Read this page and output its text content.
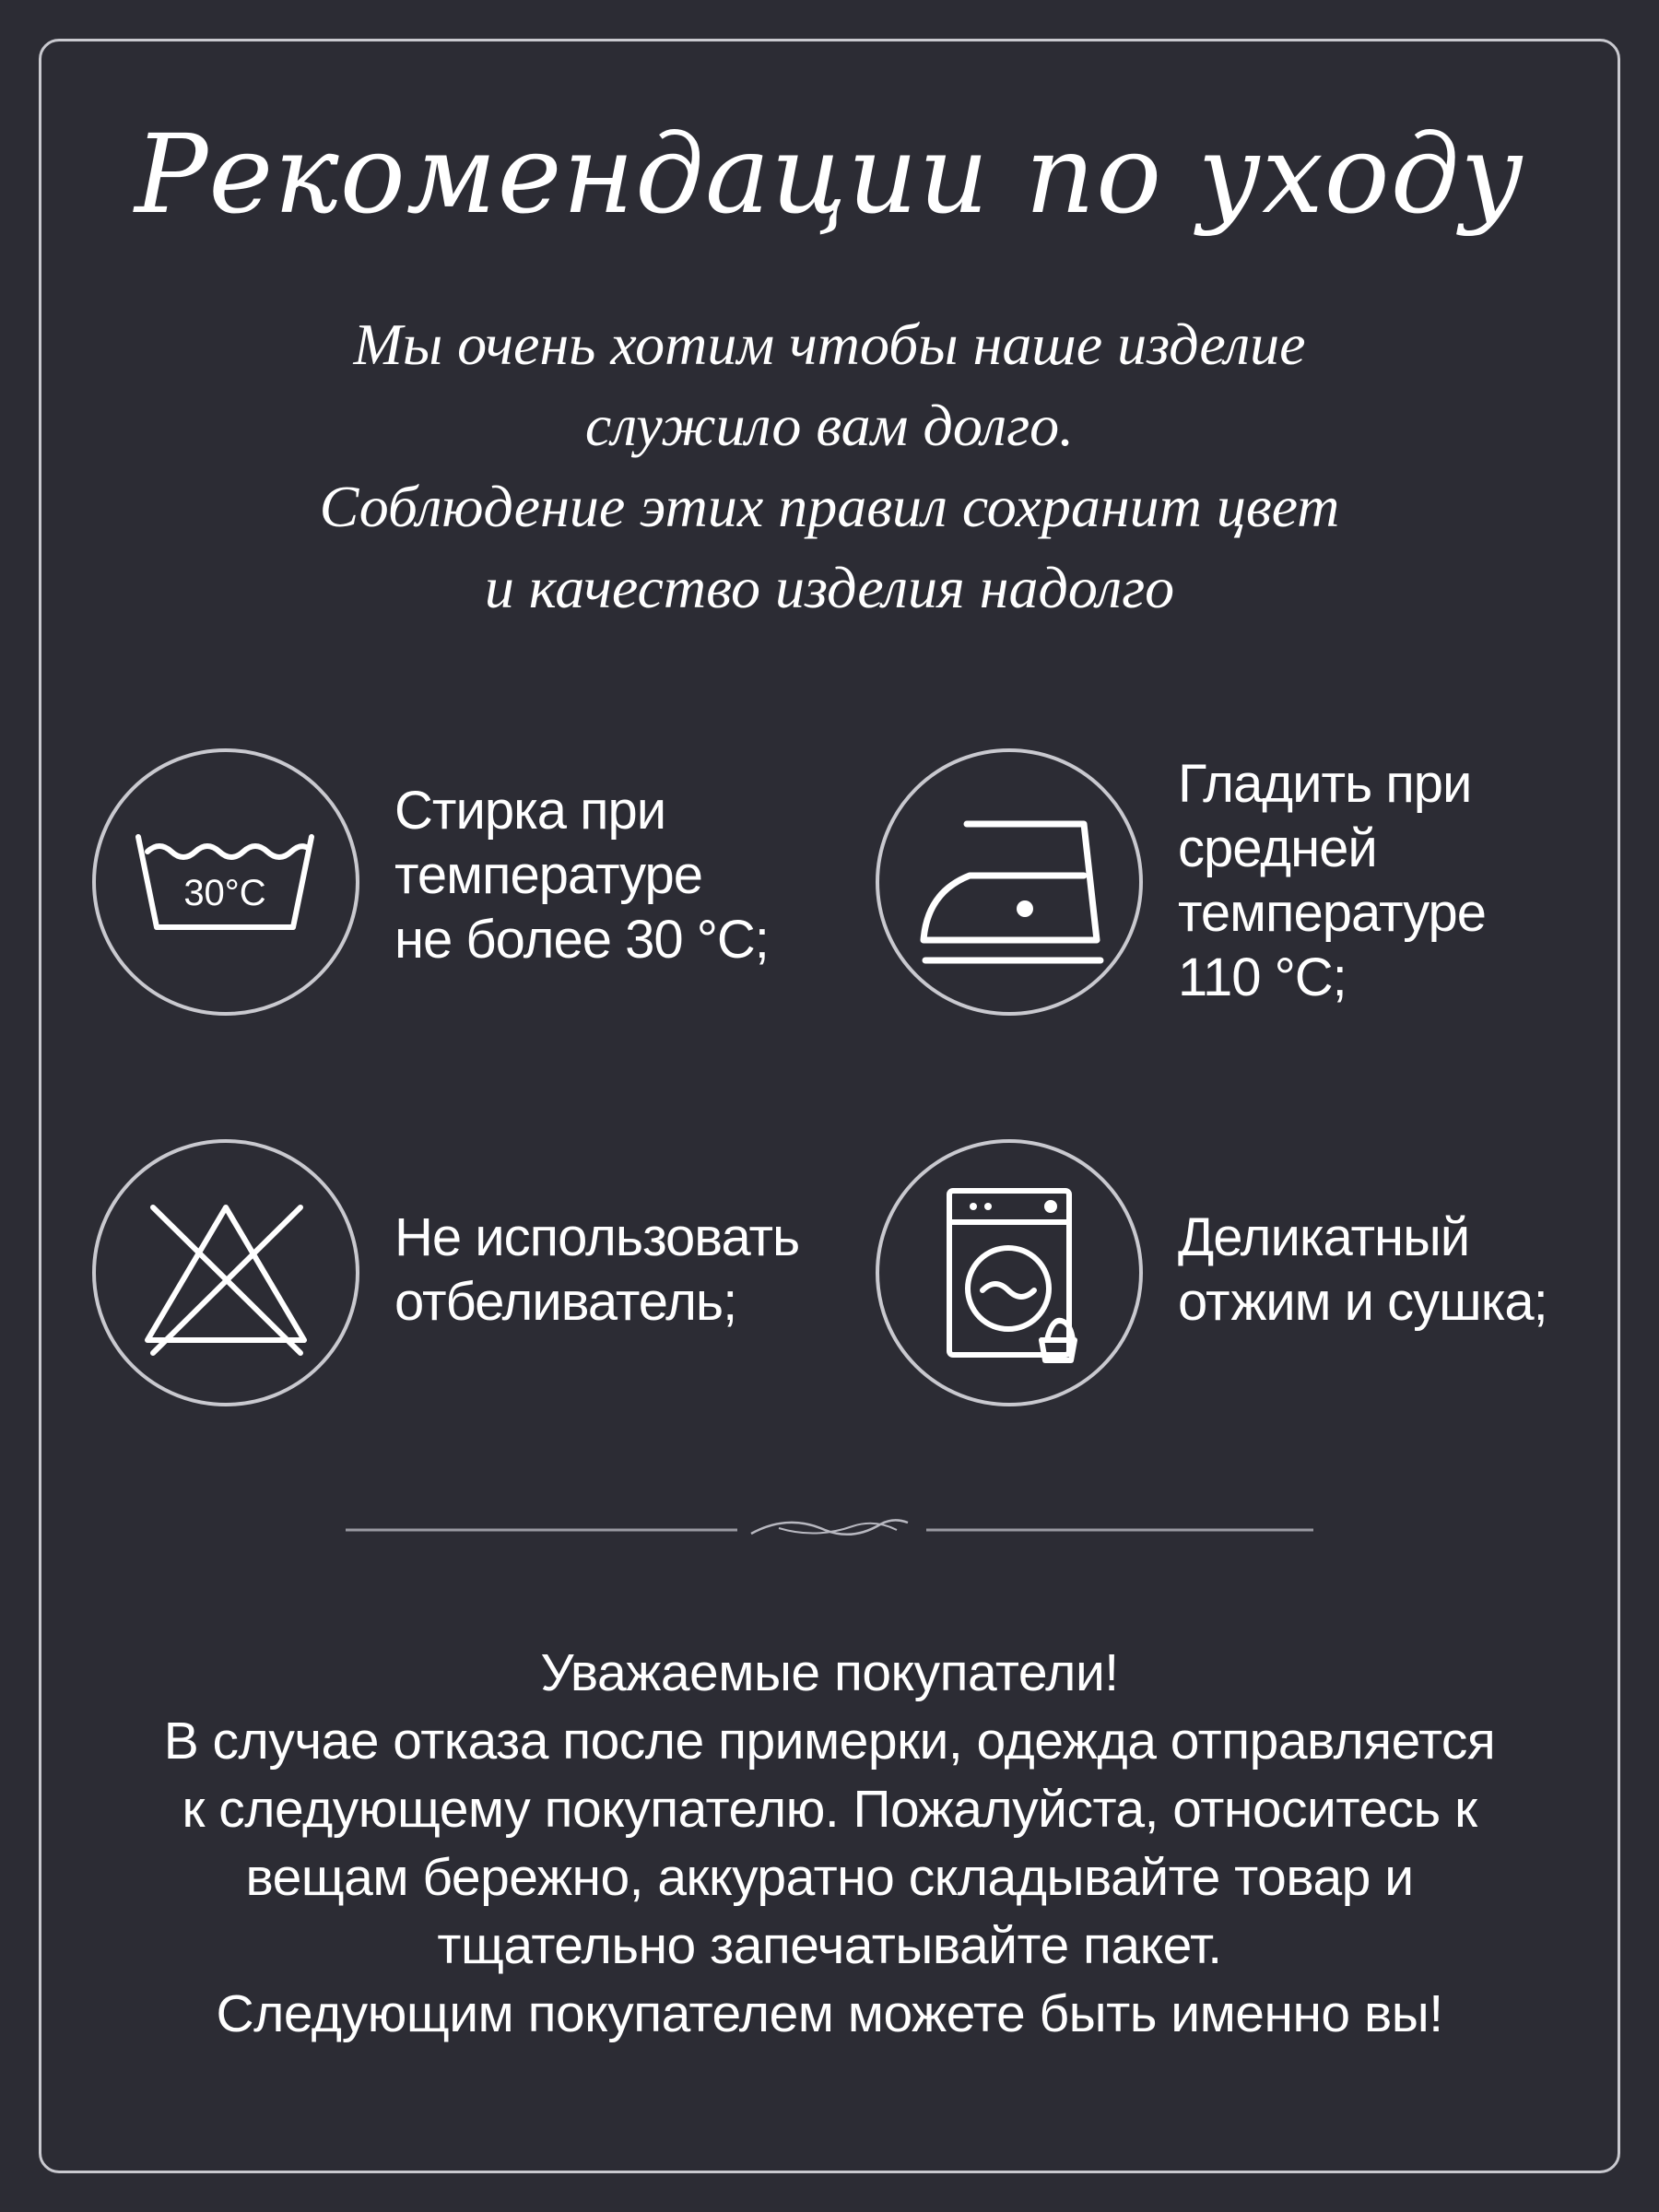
Рекомендации по уходу
Мы очень хотим чтобы наше изделие
служило вам долго.
Соблюдение этих правил сохранит цвет
и качество изделия надолго
30°C
Стирка при
температуре
не более 30 °C;
Гладить при
средней
температуре
110 °C;
Не использовать
отбеливатель;
Деликатный
отжим и сушка;
Уважаемые покупатели!
В случае отказа после примерки, одежда отправляется
к следующему покупателю. Пожалуйста, относитесь к
вещам бережно, аккуратно складывайте товар и
тщательно запечатывайте пакет.
Следующим покупателем можете быть именно вы!
